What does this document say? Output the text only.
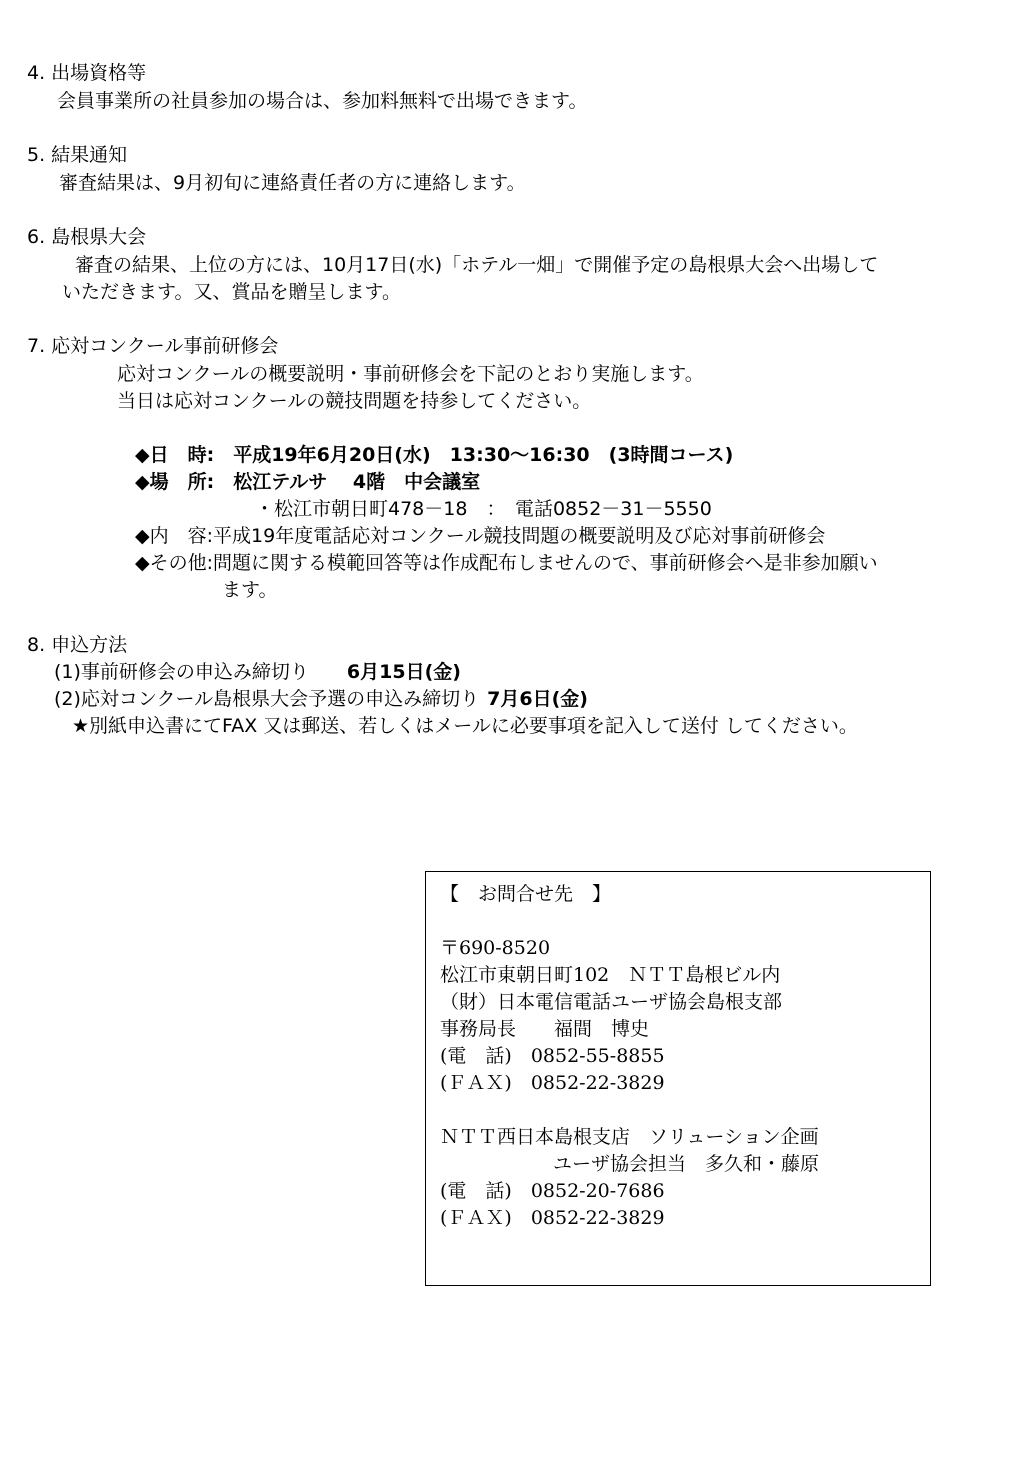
4. 出場資格等
会員事業所の社員参加の場合は、参加料無料で出場できます。
5. 結果通知
審査結果は、9月初旬に連絡責任者の方に連絡します。
6. 島根県大会
審査の結果、上位の方には、10月17日(水)「ホテル一畑」で開催予定の島根県大会へ出場して
いただきます。又、賞品を贈呈します。
7. 応対コンクール事前研修会
応対コンクールの概要説明・事前研修会を下記のとおり実施します。
当日は応対コンクールの競技問題を持参してください。
◆日　時:　平成19年6月20日(水)　13:30〜16:30　(3時間コース)
◆場　所:　松江テルサ　 4階　中会議室
・松江市朝日町478－18　：　電話0852－31－5550
◆内　容:平成19年度電話応対コンクール競技問題の概要説明及び応対事前研修会
◆その他:問題に関する模範回答等は作成配布しませんので、事前研修会へ是非参加願い
ます。
8. 申込方法
(1)事前研修会の申込み締切り 6月15日(金)
(2)応対コンクール島根県大会予選の申込み締切り 7月6日(金)
★別紙申込書にてFAX 又は郵送、若しくはメールに必要事項を記入して送付 してください。
【　お問合せ先　】
〒690-8520
松江市東朝日町102　ＮＴＴ島根ビル内
（財）日本電信電話ユーザ協会島根支部
事務局長　　福間　博史
(電　話)　0852-55-8855
(ＦＡＸ)　0852-22-3829
ＮＴＴ西日本島根支店　ソリューション企画
ユーザ協会担当　多久和・藤原
(電　話)　0852-20-7686
(ＦＡＸ)　0852-22-3829
